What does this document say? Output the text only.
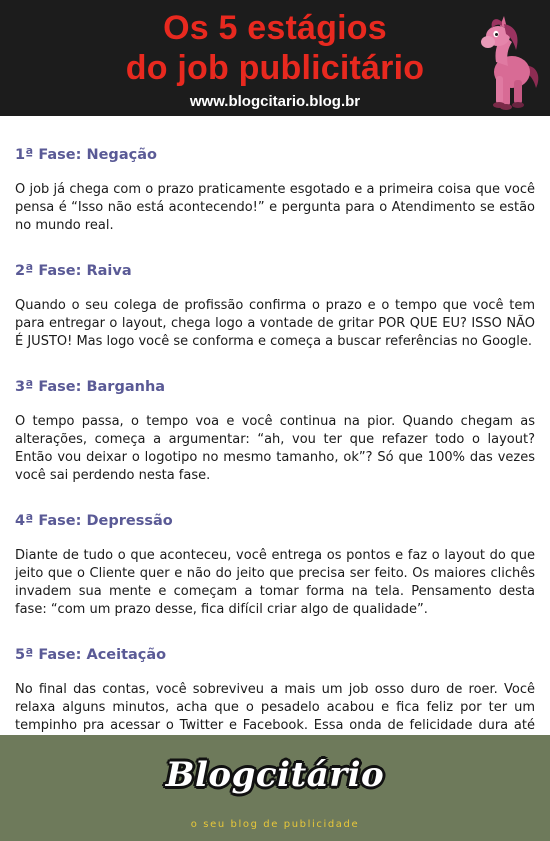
Os 5 estágios
do job publicitário
www.blogcitario.blog.br
1ª Fase: Negação
O job já chega com o prazo praticamente esgotado e a primeira coisa que você pensa é “Isso não está acontecendo!” e pergunta para o Atendimento se estão no mundo real.
2ª Fase: Raiva
Quando o seu colega de profissão confirma o prazo e o tempo que você tem para entregar o layout, chega logo a vontade de gritar POR QUE EU? ISSO NÃO É JUSTO! Mas logo você se conforma e começa a buscar referências no Google.
3ª Fase: Barganha
O tempo passa, o tempo voa e você continua na pior. Quando chegam as alterações, começa a argumentar: “ah, vou ter que refazer todo o layout? Então vou deixar o logotipo no mesmo tamanho, ok”? Só que 100% das vezes você sai perdendo nesta fase.
4ª Fase: Depressão
Diante de tudo o que aconteceu, você entrega os pontos e faz o layout do que jeito que o Cliente quer e não do jeito que precisa ser feito. Os maiores clichês invadem sua mente e começam a tomar forma na tela. Pensamento desta fase: “com um prazo desse, fica difícil criar algo de qualidade”.
5ª Fase: Aceitação
No final das contas, você sobreviveu a mais um job osso duro de roer. Você relaxa alguns minutos, acha que o pesadelo acabou e fica feliz por ter um tempinho pra acessar o Twitter e Facebook. Essa onda de felicidade dura até
Blogcitário
o seu blog de publicidade
